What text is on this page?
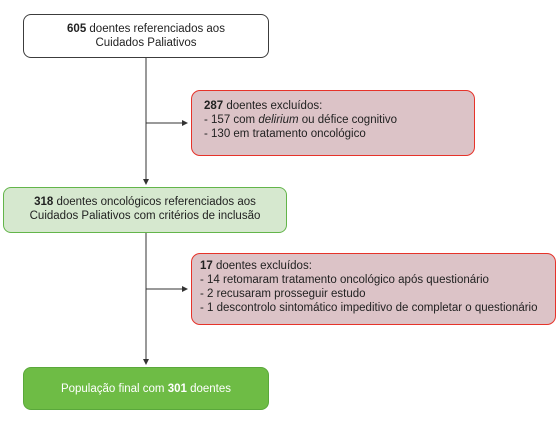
605 doentes referenciados aos
Cuidados Paliativos
287 doentes excluídos:
- 157 com delirium ou défice cognitivo
- 130 em tratamento oncológico
318 doentes oncológicos referenciados aos
Cuidados Paliativos com critérios de inclusão
17 doentes excluídos:
- 14 retomaram tratamento oncológico após questionário
- 2 recusaram prosseguir estudo
- 1 descontrolo sintomático impeditivo de completar o questionário
População final com 301 doentes
